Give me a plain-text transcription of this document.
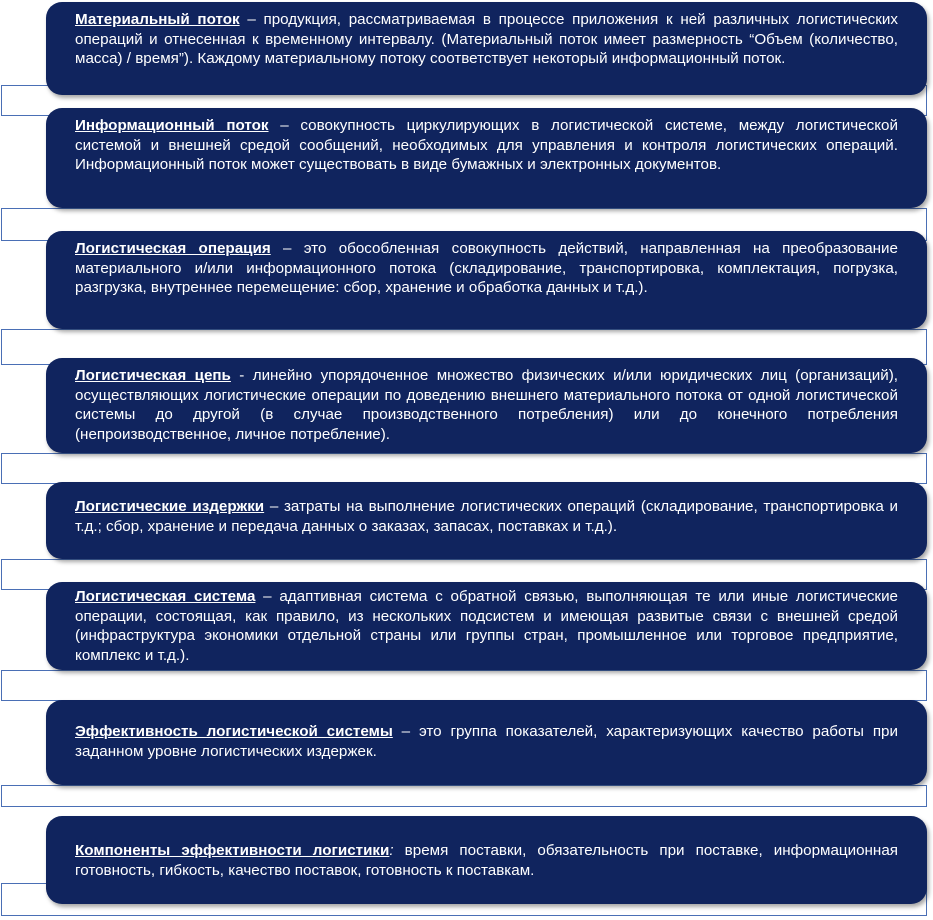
Материальный поток – продукция, рассматриваемая в процессе приложения к ней различных логистических операций и отнесенная к временному интервалу. (Материальный поток имеет размерность “Объем (количество, масса) / время”). Каждому материальному потоку соответствует некоторый информационный поток.
Информационный поток – совокупность циркулирующих в логистической системе, между логистической системой и внешней средой сообщений, необходимых для управления и контроля логистических операций. Информационный поток может существовать в виде бумажных и электронных документов.
Логистическая операция – это обособленная совокупность действий, направленная на преобразование материального и/или информационного потока (складирование, транспортировка, комплектация, погрузка, разгрузка, внутреннее перемещение: сбор, хранение и обработка данных и т.д.).
Логистическая цепь - линейно упорядоченное множество физических и/или юридических лиц (организаций), осуществляющих логистические операции по доведению внешнего материального потока от одной логистической системы до другой (в случае производственного потребления) или до конечного потребления (непроизводственное, личное потребление).
Логистические издержки – затраты на выполнение логистических операций (складирование, транспортировка и т.д.; сбор, хранение и передача данных о заказах, запасах, поставках и т.д.).
Логистическая система – адаптивная система с обратной связью, выполняющая те или иные логистические операции, состоящая, как правило, из нескольких подсистем и имеющая развитые связи с внешней средой (инфраструктура экономики отдельной страны или группы стран, промышленное или торговое предприятие, комплекс и т.д.).
Эффективность логистической системы – это группа показателей, характеризующих качество работы при заданном уровне логистических издержек.
Компоненты эффективности логистики: время поставки, обязательность при поставке, информационная готовность, гибкость, качество поставок, готовность к поставкам.
